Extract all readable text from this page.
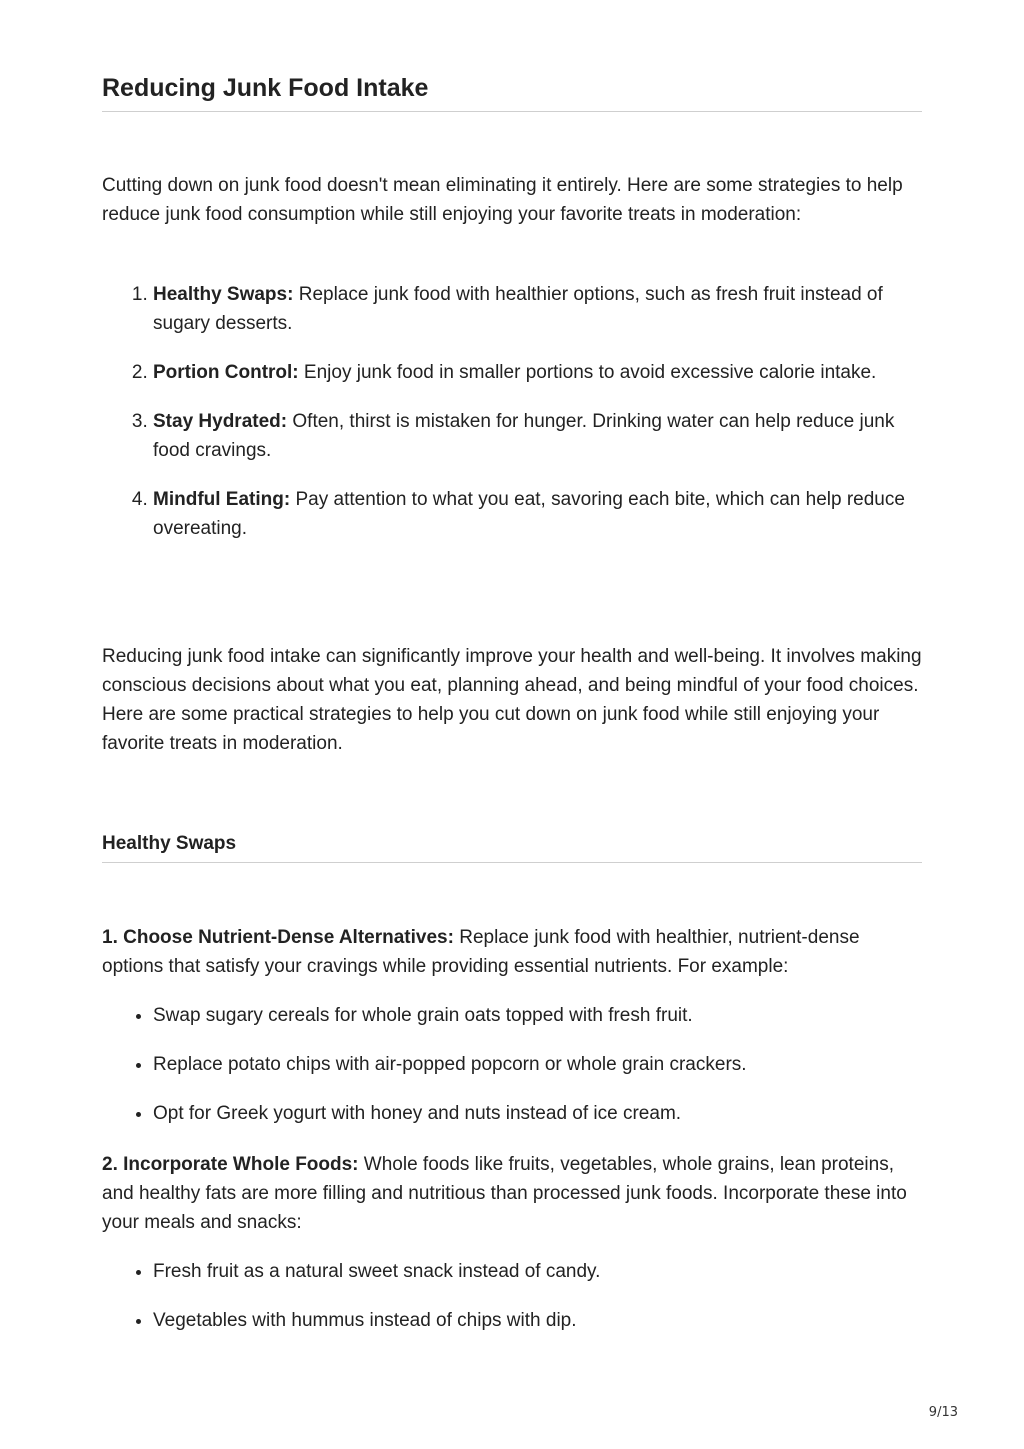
Reducing Junk Food Intake

Cutting down on junk food doesn't mean eliminating it entirely. Here are some strategies to help reduce junk food consumption while still enjoying your favorite treats in moderation:

1. Healthy Swaps: Replace junk food with healthier options, such as fresh fruit instead of sugary desserts.
2. Portion Control: Enjoy junk food in smaller portions to avoid excessive calorie intake.
3. Stay Hydrated: Often, thirst is mistaken for hunger. Drinking water can help reduce junk food cravings.
4. Mindful Eating: Pay attention to what you eat, savoring each bite, which can help reduce overeating.

Reducing junk food intake can significantly improve your health and well-being. It involves making conscious decisions about what you eat, planning ahead, and being mindful of your food choices. Here are some practical strategies to help you cut down on junk food while still enjoying your favorite treats in moderation.

Healthy Swaps

1. Choose Nutrient-Dense Alternatives: Replace junk food with healthier, nutrient-dense options that satisfy your cravings while providing essential nutrients. For example:

• Swap sugary cereals for whole grain oats topped with fresh fruit.
• Replace potato chips with air-popped popcorn or whole grain crackers.
• Opt for Greek yogurt with honey and nuts instead of ice cream.

2. Incorporate Whole Foods: Whole foods like fruits, vegetables, whole grains, lean proteins, and healthy fats are more filling and nutritious than processed junk foods. Incorporate these into your meals and snacks:

• Fresh fruit as a natural sweet snack instead of candy.
• Vegetables with hummus instead of chips with dip.
9/13
